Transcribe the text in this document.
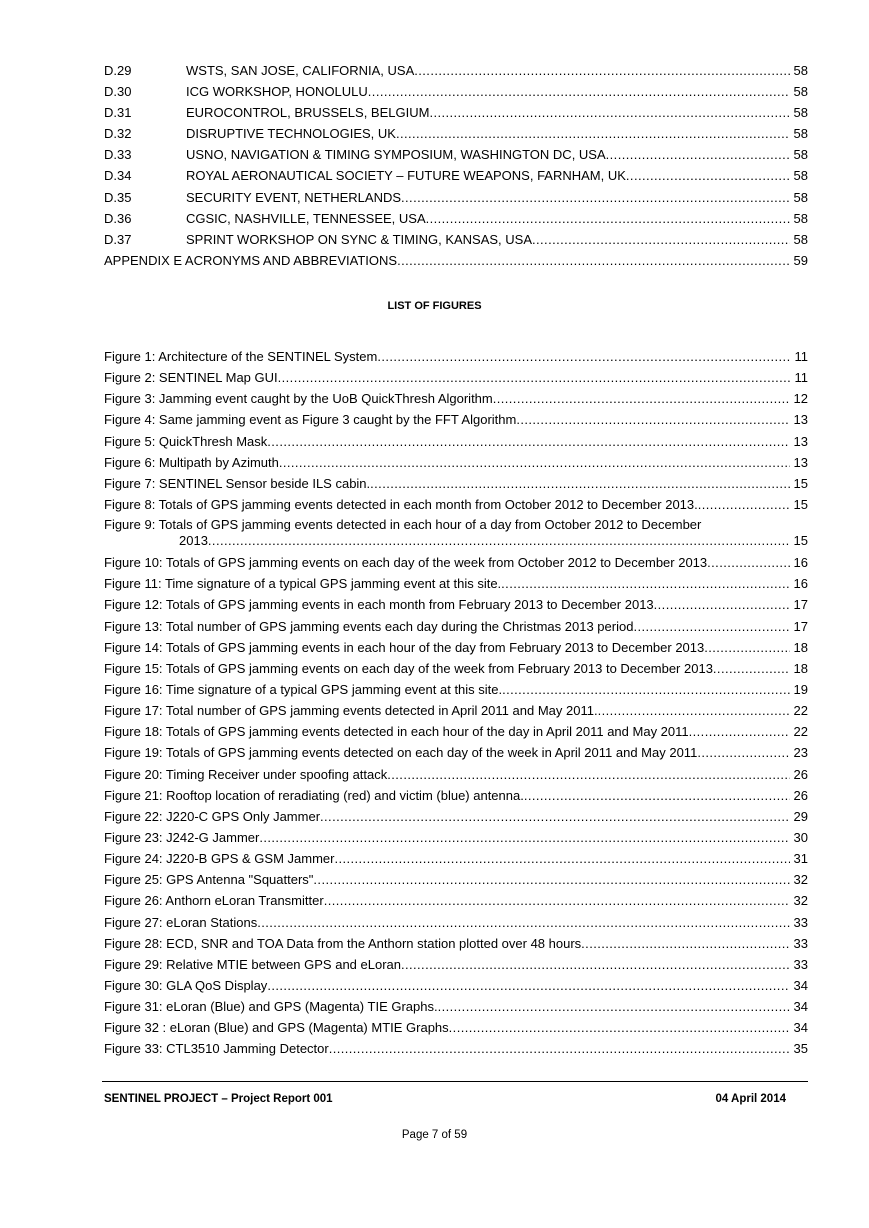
D.29	WSTS, SAN JOSE, CALIFORNIA, USA .....	58
D.30	ICG WORKSHOP, HONOLULU .....	58
D.31	EUROCONTROL, BRUSSELS, BELGIUM .....	58
D.32	DISRUPTIVE TECHNOLOGIES, UK .....	58
D.33	USNO, NAVIGATION & TIMING SYMPOSIUM, WASHINGTON DC, USA .....	58
D.34	ROYAL AERONAUTICAL SOCIETY – FUTURE WEAPONS, FARNHAM, UK .....	58
D.35	SECURITY EVENT, NETHERLANDS .....	58
D.36	CGSIC, NASHVILLE, TENNESSEE, USA .....	58
D.37	SPRINT WORKSHOP ON SYNC & TIMING, KANSAS, USA .....	58
APPENDIX E ACRONYMS AND ABBREVIATIONS .....	59
LIST OF FIGURES
Figure 1: Architecture of the SENTINEL System .....	11
Figure 2: SENTINEL Map GUI .....	11
Figure 3: Jamming event caught by the UoB QuickThresh Algorithm .....	12
Figure 4: Same jamming event as Figure 3 caught by the FFT Algorithm .....	13
Figure 5: QuickThresh Mask .....	13
Figure 6: Multipath by Azimuth .....	13
Figure 7: SENTINEL Sensor beside ILS cabin. .....	15
Figure 8: Totals of GPS jamming events detected in each month from October 2012 to December 2013. .....	15
Figure 9: Totals of GPS jamming events detected in each hour of a day from October 2012 to December
2013 .....	15
Figure 10: Totals of GPS jamming events on each day of the week from October 2012 to December 2013 .....	16
Figure 11: Time signature of a typical GPS jamming event at this site. .....	16
Figure 12: Totals of GPS jamming events in each month from February 2013 to December 2013 .....	17
Figure 13: Total number of GPS jamming events each day during the Christmas 2013 period .....	17
Figure 14: Totals of GPS jamming events in each hour of the day from February 2013 to December 2013 .....	18
Figure 15: Totals of GPS jamming events on each day of the week from February 2013 to December 2013 .....	18
Figure 16: Time signature of a typical GPS jamming event at this site. .....	19
Figure 17: Total number of GPS jamming events detected in April 2011 and May 2011. .....	22
Figure 18: Totals of GPS jamming events detected in each hour of the day in April 2011 and May 2011 .....	22
Figure 19: Totals of GPS jamming events detected on each day of the week in April 2011 and May 2011 .....	23
Figure 20: Timing Receiver under spoofing attack .....	26
Figure 21: Rooftop location of reradiating (red) and victim (blue) antenna. .....	26
Figure 22: J220-C GPS Only Jammer .....	29
Figure 23: J242-G Jammer .....	30
Figure 24: J220-B GPS & GSM Jammer .....	31
Figure 25: GPS Antenna "Squatters" .....	32
Figure 26: Anthorn eLoran Transmitter .....	32
Figure 27: eLoran Stations .....	33
Figure 28: ECD, SNR and TOA Data from the Anthorn station plotted over 48 hours .....	33
Figure 29: Relative MTIE between GPS and eLoran .....	33
Figure 30: GLA QoS Display .....	34
Figure 31: eLoran (Blue) and GPS (Magenta) TIE Graphs. .....	34
Figure 32 : eLoran (Blue) and GPS (Magenta) MTIE Graphs .....	34
Figure 33: CTL3510 Jamming Detector .....	35
SENTINEL PROJECT – Project Report 001	04 April 2014
Page 7 of 59
